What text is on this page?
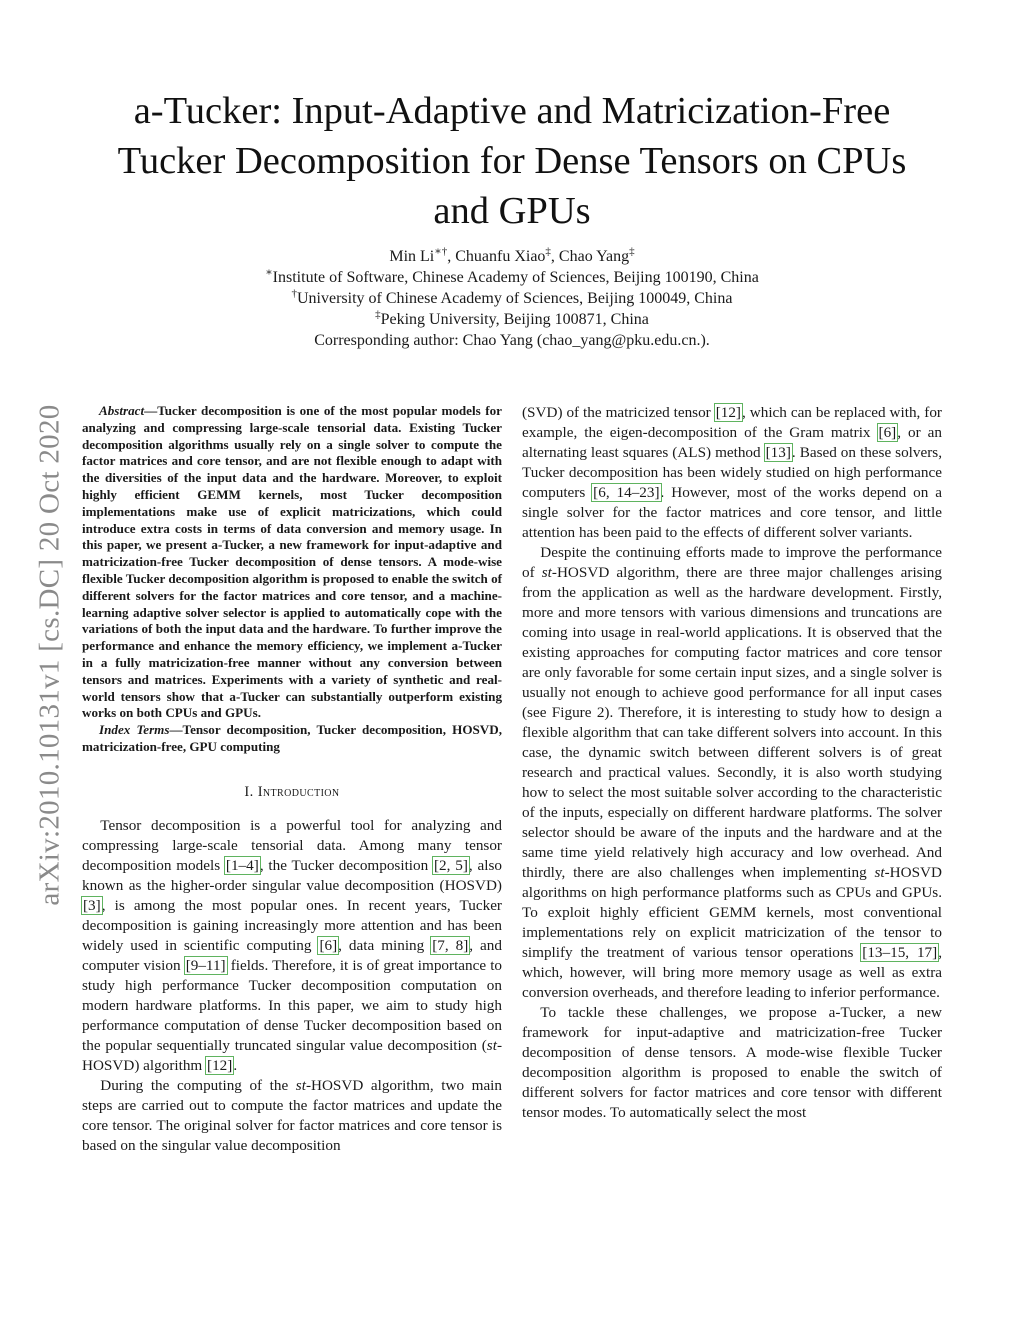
arXiv:2010.10131v1 [cs.DC] 20 Oct 2020
a-Tucker: Input-Adaptive and Matricization-Free
Tucker Decomposition for Dense Tensors on CPUs
and GPUs
Min Li∗†, Chuanfu Xiao‡, Chao Yang‡
∗Institute of Software, Chinese Academy of Sciences, Beijing 100190, China
†University of Chinese Academy of Sciences, Beijing 100049, China
‡Peking University, Beijing 100871, China
Corresponding author: Chao Yang (chao_yang@pku.edu.cn.).

Abstract—Tucker decomposition is one of the most popular models for analyzing and compressing large-scale tensorial data. Existing Tucker decomposition algorithms usually rely on a single solver to compute the factor matrices and core tensor, and are not flexible enough to adapt with the diversities of the input data and the hardware. Moreover, to exploit highly efficient GEMM kernels, most Tucker decomposition implementations make use of explicit matricizations, which could introduce extra costs in terms of data conversion and memory usage. In this paper, we present a-Tucker, a new framework for input-adaptive and matricization-free Tucker decomposition of dense tensors. A mode-wise flexible Tucker decomposition algorithm is proposed to enable the switch of different solvers for the factor matrices and core tensor, and a machine-learning adaptive solver selector is applied to automatically cope with the variations of both the input data and the hardware. To further improve the performance and enhance the memory efficiency, we implement a-Tucker in a fully matricization-free manner without any conversion between tensors and matrices. Experiments with a variety of synthetic and real-world tensors show that a-Tucker can substantially outperform existing works on both CPUs and GPUs.

Index Terms—Tensor decomposition, Tucker decomposition, HOSVD, matricization-free, GPU computing

I. Introduction

Tensor decomposition is a powerful tool for analyzing and compressing large-scale tensorial data. Among many tensor decomposition models [1–4], the Tucker decomposition [2, 5], also known as the higher-order singular value decomposition (HOSVD) [3], is among the most popular ones. In recent years, Tucker decomposition is gaining increasingly more attention and has been widely used in scientific computing [6], data mining [7, 8], and computer vision [9–11] fields. Therefore, it is of great importance to study high performance Tucker decomposition computation on modern hardware platforms. In this paper, we aim to study high performance computation of dense Tucker decomposition based on the popular sequentially truncated singular value decomposition (st-HOSVD) algorithm [12].

During the computing of the st-HOSVD algorithm, two main steps are carried out to compute the factor matrices and update the core tensor. The original solver for factor matrices and core tensor is based on the singular value decomposition

(SVD) of the matricized tensor [12], which can be replaced with, for example, the eigen-decomposition of the Gram matrix [6], or an alternating least squares (ALS) method [13]. Based on these solvers, Tucker decomposition has been widely studied on high performance computers [6, 14–23]. However, most of the works depend on a single solver for the factor matrices and core tensor, and little attention has been paid to the effects of different solver variants.

Despite the continuing efforts made to improve the performance of st-HOSVD algorithm, there are three major challenges arising from the application as well as the hardware development. Firstly, more and more tensors with various dimensions and truncations are coming into usage in real-world applications. It is observed that the existing approaches for computing factor matrices and core tensor are only favorable for some certain input sizes, and a single solver is usually not enough to achieve good performance for all input cases (see Figure 2). Therefore, it is interesting to study how to design a flexible algorithm that can take different solvers into account. In this case, the dynamic switch between different solvers is of great research and practical values. Secondly, it is also worth studying how to select the most suitable solver according to the characteristic of the inputs, especially on different hardware platforms. The solver selector should be aware of the inputs and the hardware and at the same time yield relatively high accuracy and low overhead. And thirdly, there are also challenges when implementing st-HOSVD algorithms on high performance platforms such as CPUs and GPUs. To exploit highly efficient GEMM kernels, most conventional implementations rely on explicit matricization of the tensor to simplify the treatment of various tensor operations [13–15, 17], which, however, will bring more memory usage as well as extra conversion overheads, and therefore leading to inferior performance.

To tackle these challenges, we propose a-Tucker, a new framework for input-adaptive and matricization-free Tucker decomposition of dense tensors. A mode-wise flexible Tucker decomposition algorithm is proposed to enable the switch of different solvers for factor matrices and core tensor with different tensor modes. To automatically select the most
